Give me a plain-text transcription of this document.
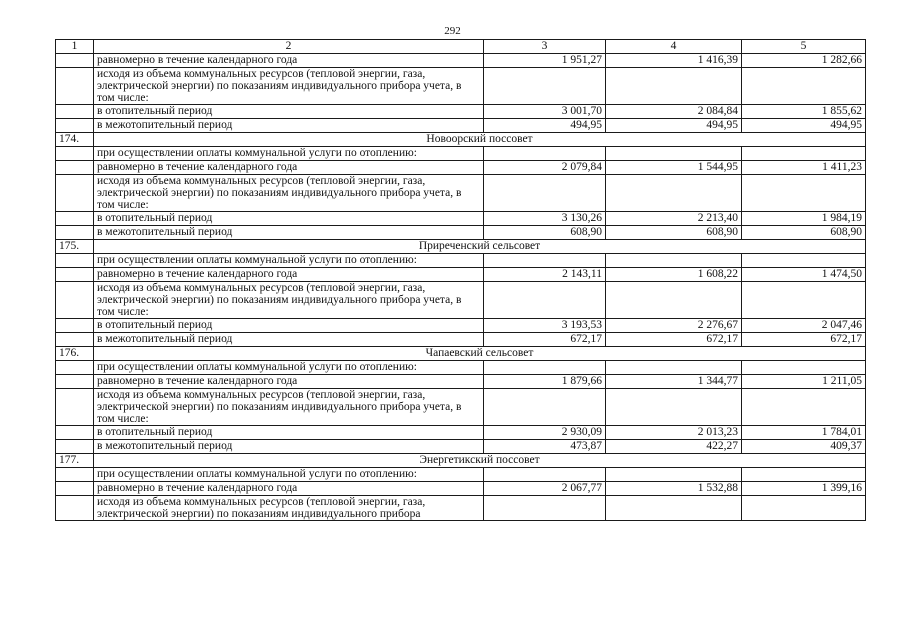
292
1	2	3	4	5
	равномерно в течение календарного года	1 951,27	1 416,39	1 282,66
	исходя из объема коммунальных ресурсов (тепловой энергии, газа, электрической энергии) по показаниям индивидуального прибора учета, в том числе:			
	в отопительный период	3 001,70	2 084,84	1 855,62
	в межотопительный период	494,95	494,95	494,95
174.	Новоорский поссовет			
	при осуществлении оплаты коммунальной услуги по отоплению:			
	равномерно в течение календарного года	2 079,84	1 544,95	1 411,23
	исходя из объема коммунальных ресурсов (тепловой энергии, газа, электрической энергии) по показаниям индивидуального прибора учета, в том числе:			
	в отопительный период	3 130,26	2 213,40	1 984,19
	в межотопительный период	608,90	608,90	608,90
175.	Приреченский сельсовет			
	при осуществлении оплаты коммунальной услуги по отоплению:			
	равномерно в течение календарного года	2 143,11	1 608,22	1 474,50
	исходя из объема коммунальных ресурсов (тепловой энергии, газа, электрической энергии) по показаниям индивидуального прибора учета, в том числе:			
	в отопительный период	3 193,53	2 276,67	2 047,46
	в межотопительный период	672,17	672,17	672,17
176.	Чапаевский сельсовет			
	при осуществлении оплаты коммунальной услуги по отоплению:			
	равномерно в течение календарного года	1 879,66	1 344,77	1 211,05
	исходя из объема коммунальных ресурсов (тепловой энергии, газа, электрической энергии) по показаниям индивидуального прибора учета, в том числе:			
	в отопительный период	2 930,09	2 013,23	1 784,01
	в межотопительный период	473,87	422,27	409,37
177.	Энергетикский поссовет			
	при осуществлении оплаты коммунальной услуги по отоплению:			
	равномерно в течение календарного года	2 067,77	1 532,88	1 399,16
	исходя из объема коммунальных ресурсов (тепловой энергии, газа, электрической энергии) по показаниям индивидуального прибора			
